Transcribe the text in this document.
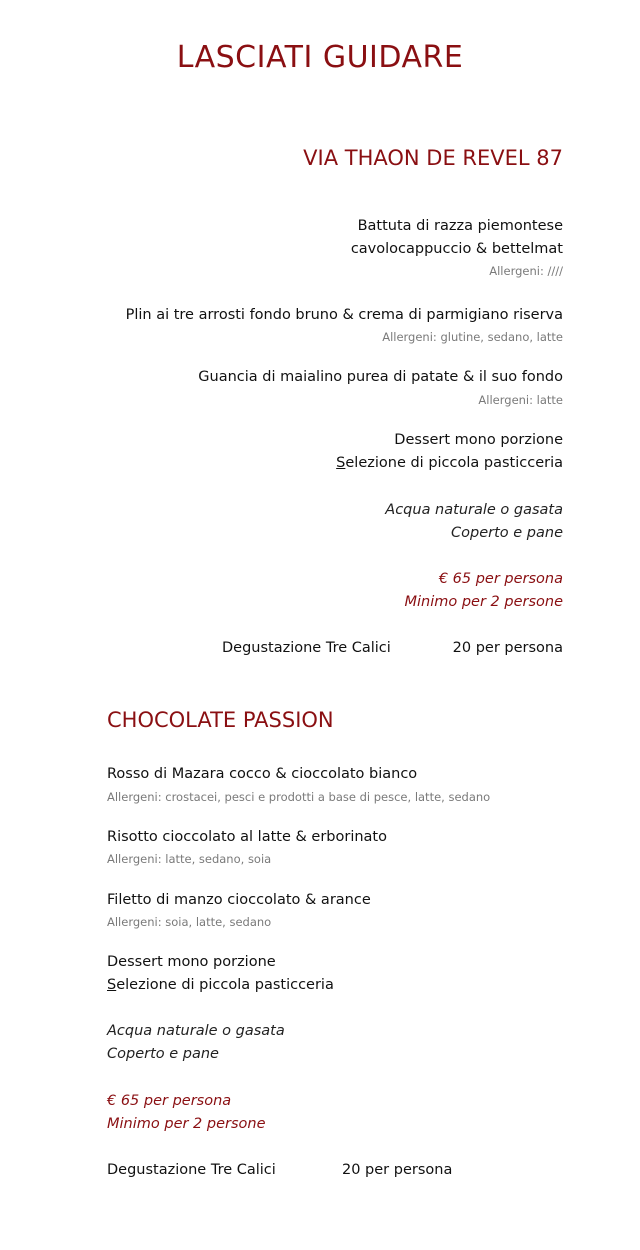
LASCIATI GUIDARE
VIA THAON DE REVEL 87
Battuta di razza piemontese
cavolocappuccio & bettelmat
Allergeni: ////
Plin ai tre arrosti fondo bruno & crema di parmigiano riserva
Allergeni: glutine, sedano, latte
Guancia di maialino purea di patate & il suo fondo
Allergeni: latte
Dessert mono porzione
Selezione di piccola pasticceria
Acqua naturale o gasata
Coperto e pane
€ 65 per persona
Minimo per 2 persone
Degustazione Tre Calici	20 per persona
CHOCOLATE PASSION
Rosso di Mazara cocco & cioccolato bianco
Allergeni: crostacei, pesci e prodotti a base di pesce, latte, sedano
Risotto cioccolato al latte & erborinato
Allergeni: latte, sedano, soia
Filetto di manzo cioccolato & arance
Allergeni: soia, latte, sedano
Dessert mono porzione
Selezione di piccola pasticceria
Acqua naturale o gasata
Coperto e pane
€ 65 per persona
Minimo per 2 persone
Degustazione Tre Calici	20 per persona
